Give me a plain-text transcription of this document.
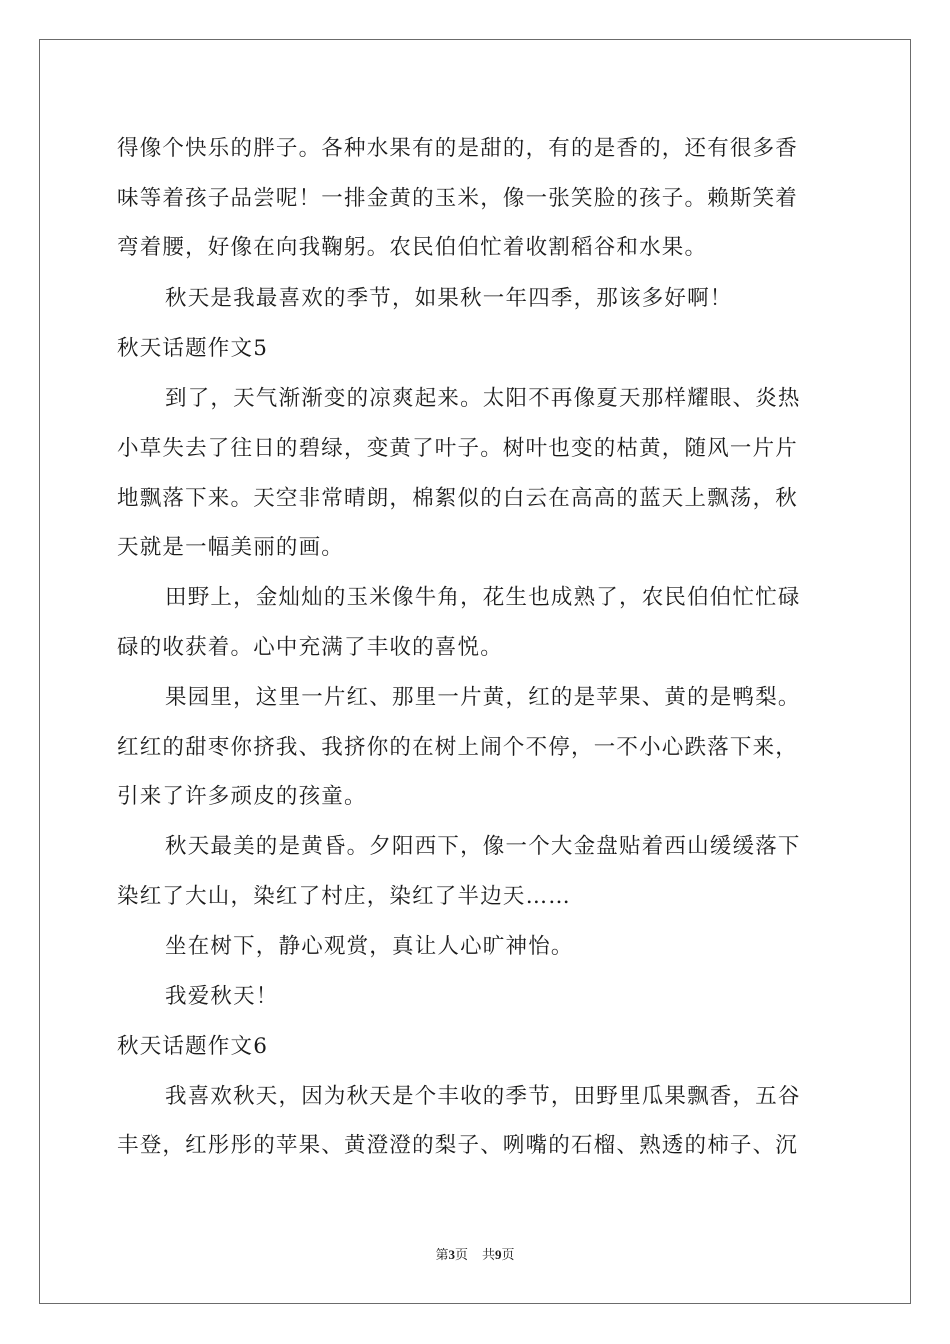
得像个快乐的胖子。各种水果有的是甜的，有的是香的，还有很多香
味等着孩子品尝呢！一排金黄的玉米，像一张笑脸的孩子。赖斯笑着
弯着腰，好像在向我鞠躬。农民伯伯忙着收割稻谷和水果。
秋天是我最喜欢的季节，如果秋一年四季，那该多好啊！
秋天话题作文5
到了，天气渐渐变的凉爽起来。太阳不再像夏天那样耀眼、炎热
小草失去了往日的碧绿，变黄了叶子。树叶也变的枯黄，随风一片片
地飘落下来。天空非常晴朗，棉絮似的白云在高高的蓝天上飘荡，秋
天就是一幅美丽的画。
田野上，金灿灿的玉米像牛角，花生也成熟了，农民伯伯忙忙碌
碌的收获着。心中充满了丰收的喜悦。
果园里，这里一片红、那里一片黄，红的是苹果、黄的是鸭梨。
红红的甜枣你挤我、我挤你的在树上闹个不停，一不小心跌落下来，
引来了许多顽皮的孩童。
秋天最美的是黄昏。夕阳西下，像一个大金盘贴着西山缓缓落下
染红了大山，染红了村庄，染红了半边天……
坐在树下，静心观赏，真让人心旷神怡。
我爱秋天！
秋天话题作文6
我喜欢秋天，因为秋天是个丰收的季节，田野里瓜果飘香，五谷
丰登，红彤彤的苹果、黄澄澄的梨子、咧嘴的石榴、熟透的柿子、沉
第3页 共9页
